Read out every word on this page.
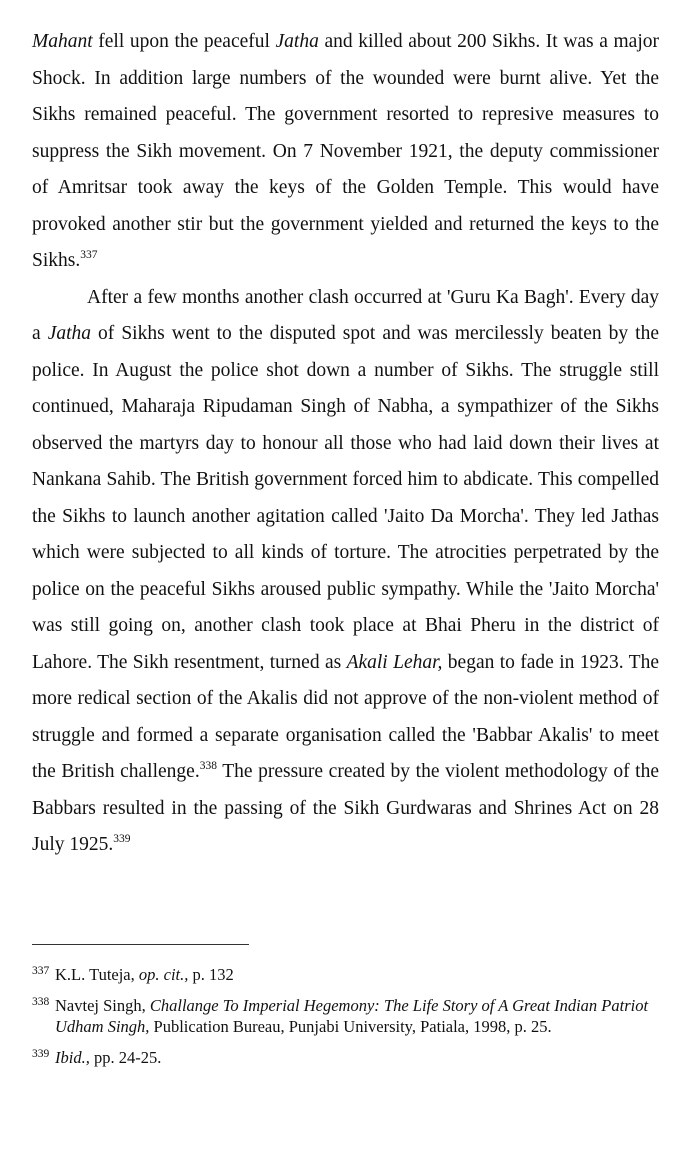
Mahant fell upon the peaceful Jatha and killed about 200 Sikhs. It was a major Shock. In addition large numbers of the wounded were burnt alive. Yet the Sikhs remained peaceful. The government resorted to represive measures to suppress the Sikh movement. On 7 November 1921, the deputy commissioner of Amritsar took away the keys of the Golden Temple. This would have provoked another stir but the government yielded and returned the keys to the Sikhs.$^{337}$

After a few months another clash occurred at 'Guru Ka Bagh'. Every day a Jatha of Sikhs went to the disputed spot and was mercilessly beaten by the police. In August the police shot down a number of Sikhs. The struggle still continued, Maharaja Ripudaman Singh of Nabha, a sympathizer of the Sikhs observed the martyrs day to honour all those who had laid down their lives at Nankana Sahib. The British government forced him to abdicate. This compelled the Sikhs to launch another agitation called 'Jaito Da Morcha'. They led Jathas which were subjected to all kinds of torture. The atrocities perpetrated by the police on the peaceful Sikhs aroused public sympathy. While the 'Jaito Morcha' was still going on, another clash took place at Bhai Pheru in the district of Lahore. The Sikh resentment, turned as Akali Lehar, began to fade in 1923. The more redical section of the Akalis did not approve of the non-violent method of struggle and formed a separate organisation called the 'Babbar Akalis' to meet the British challenge.$^{338}$ The pressure created by the violent methodology of the Babbars resulted in the passing of the Sikh Gurdwaras and Shrines Act on 28 July 1925.$^{339}$

337 K.L. Tuteja, op. cit., p. 132
338 Navtej Singh, Challange To Imperial Hegemony: The Life Story of A Great Indian Patriot Udham Singh, Publication Bureau, Punjabi University, Patiala, 1998, p. 25.
339 Ibid., pp. 24-25.
